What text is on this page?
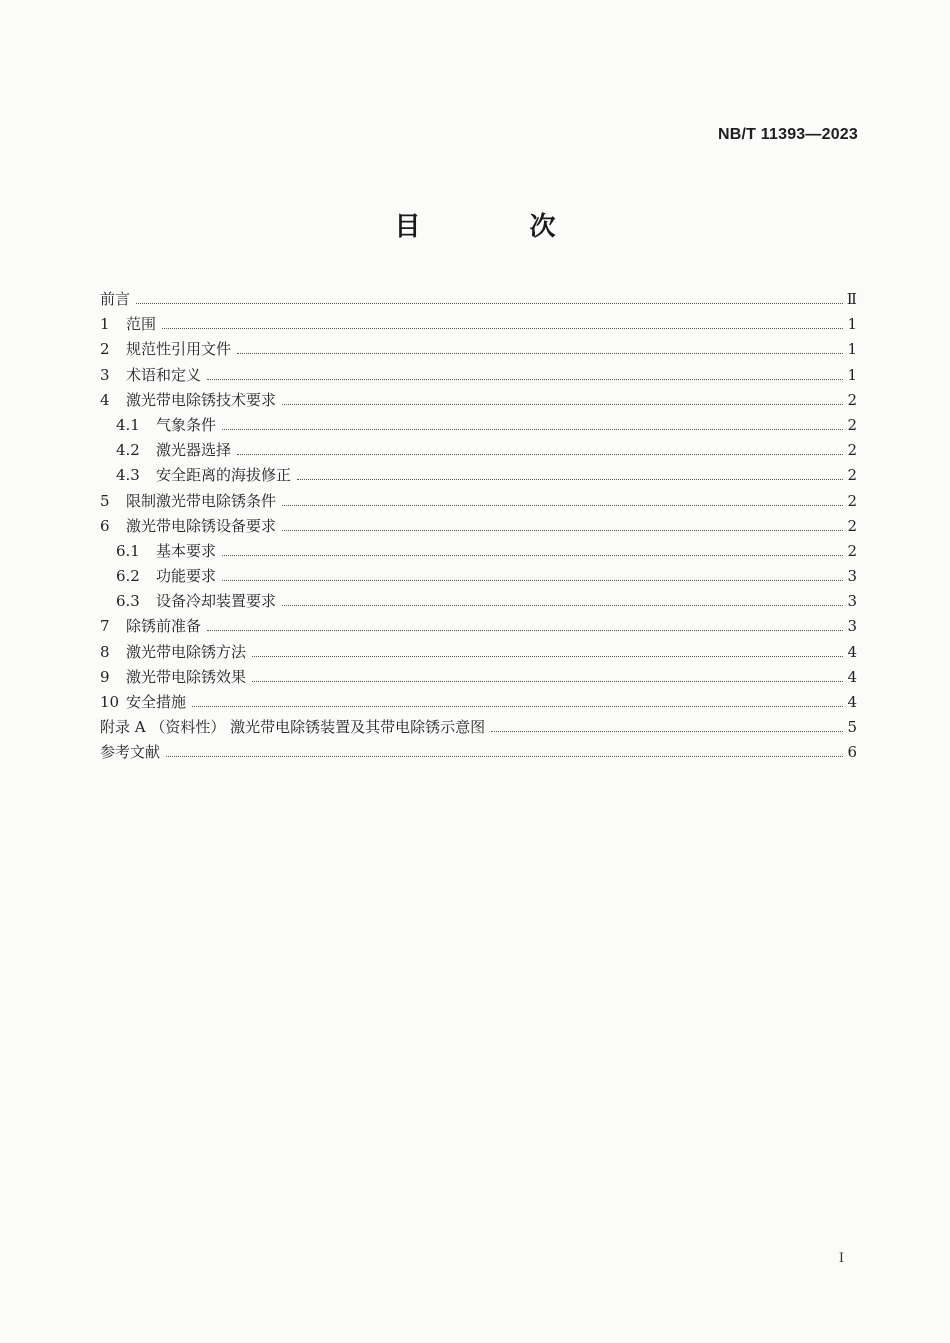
NB/T 11393—2023
目 次
前言	Ⅱ
1	范围	1
2	规范性引用文件	1
3	术语和定义	1
4	激光带电除锈技术要求	2
4.1	气象条件	2
4.2	激光器选择	2
4.3	安全距离的海拔修正	2
5	限制激光带电除锈条件	2
6	激光带电除锈设备要求	2
6.1	基本要求	2
6.2	功能要求	3
6.3	设备冷却装置要求	3
7	除锈前准备	3
8	激光带电除锈方法	4
9	激光带电除锈效果	4
10 安全措施	4
附录 A （资料性） 激光带电除锈装置及其带电除锈示意图	5
参考文献	6
I
